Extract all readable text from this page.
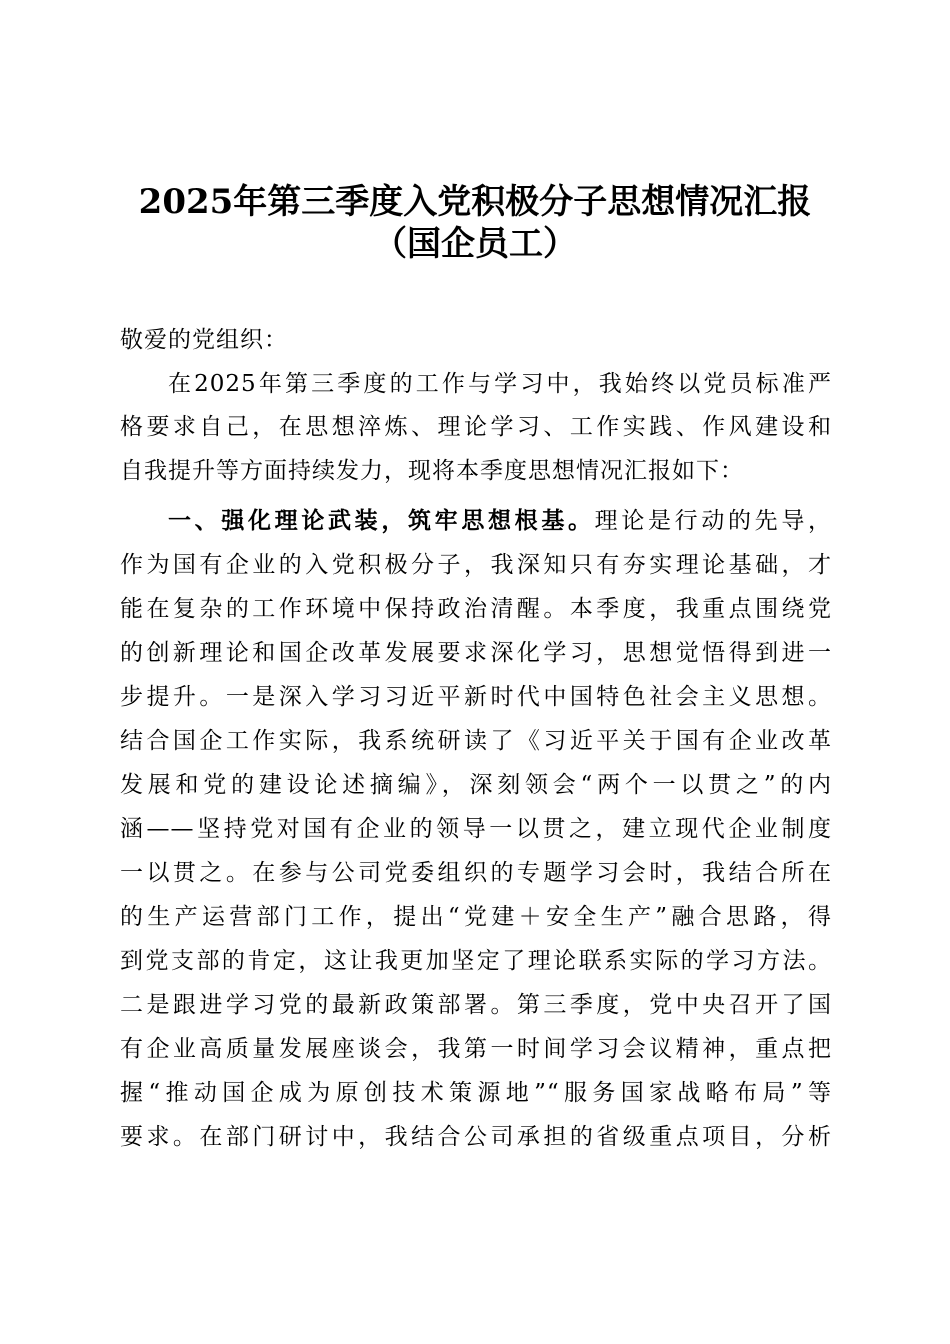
2025年第三季度入党积极分子思想情况汇报
（国企员工）
敬爱的党组织：
在2025年第三季度的工作与学习中，我始终以党员标准严
格要求自己，在思想淬炼、理论学习、工作实践、作风建设和
自我提升等方面持续发力，现将本季度思想情况汇报如下：
一、强化理论武装，筑牢思想根基。理论是行动的先导，
作为国有企业的入党积极分子，我深知只有夯实理论基础，才
能在复杂的工作环境中保持政治清醒。本季度，我重点围绕党
的创新理论和国企改革发展要求深化学习，思想觉悟得到进一
步提升。一是深入学习习近平新时代中国特色社会主义思想。
结合国企工作实际，我系统研读了《习近平关于国有企业改革
发展和党的建设论述摘编》，深刻领会“两个一以贯之”的内
涵——坚持党对国有企业的领导一以贯之，建立现代企业制度
一以贯之。在参与公司党委组织的专题学习会时，我结合所在
的生产运营部门工作，提出“党建＋安全生产”融合思路，得
到党支部的肯定，这让我更加坚定了理论联系实际的学习方法。
二是跟进学习党的最新政策部署。第三季度，党中央召开了国
有企业高质量发展座谈会，我第一时间学习会议精神，重点把
握“推动国企成为原创技术策源地”“服务国家战略布局”等
要求。在部门研讨中，我结合公司承担的省级重点项目，分析
